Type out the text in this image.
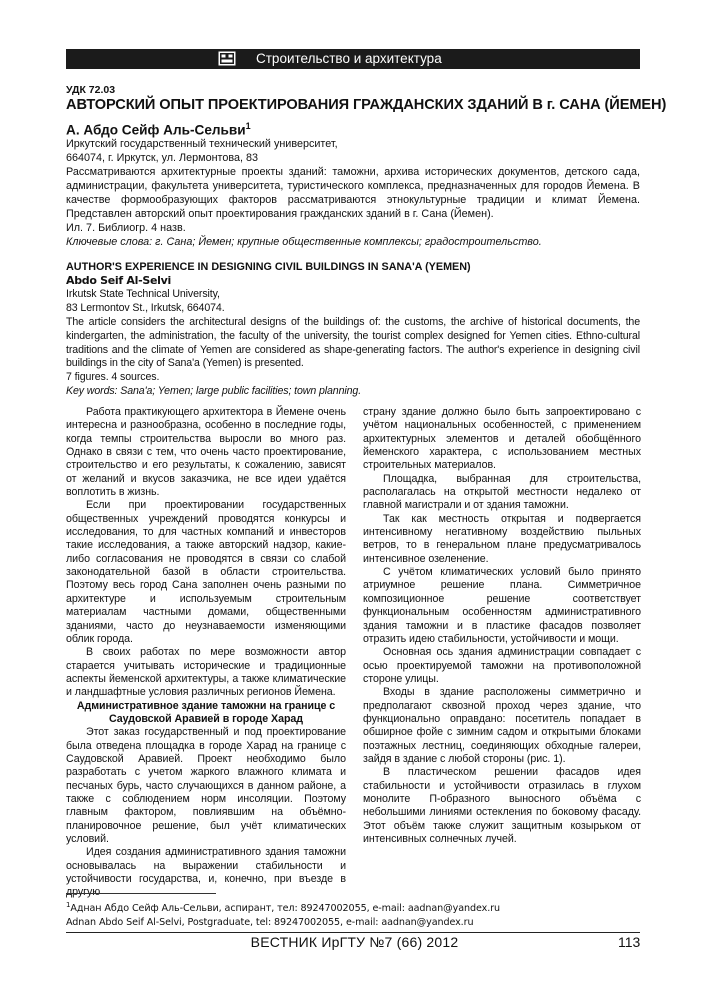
Строительство и архитектура
УДК 72.03
АВТОРСКИЙ ОПЫТ ПРОЕКТИРОВАНИЯ ГРАЖДАНСКИХ ЗДАНИЙ В г. САНА (ЙЕМЕН)
А. Абдо Сейф Аль-Сельви$^1$
Иркутский государственный технический университет,
664074, г. Иркутск, ул. Лермонтова, 83
Рассматриваются архитектурные проекты зданий: таможни, архива исторических документов, детского сада, администрации, факультета университета, туристического комплекса, предназначенных для городов Йемена. В качестве формообразующих факторов рассматриваются этнокультурные традиции и климат Йемена. Представлен авторский опыт проектирования гражданских зданий в г. Сана (Йемен).
Ил. 7. Библиогр. 4 назв.
Ключевые слова: г. Сана; Йемен; крупные общественные комплексы; градостроительство.
AUTHOR'S EXPERIENCE IN DESIGNING CIVIL BUILDINGS IN SANA'A (YEMEN)
Abdo Seif Al-Selvi
Irkutsk State Technical University,
83 Lermontov St., Irkutsk, 664074.
The article considers the architectural designs of the buildings of: the customs, the archive of historical documents, the kindergarten, the administration, the faculty of the university, the tourist complex designed for Yemen cities. Ethno-cultural traditions and the climate of Yemen are considered as shape-generating factors. The author's experience in designing civil buildings in the city of Sana'a (Yemen) is presented.
7 figures. 4 sources.
Key words: Sana'a; Yemen; large public facilities; town planning.

Работа практикующего архитектора в Йемене очень интересна и разнообразна, особенно в последние годы, когда темпы строительства выросли во много раз. Однако в связи с тем, что очень часто проектирование, строительство и его результаты, к сожалению, зависят от желаний и вкусов заказчика, не все идеи удаётся воплотить в жизнь.

Если при проектировании государственных общественных учреждений проводятся конкурсы и исследования, то для частных компаний и инвесторов такие исследования, а также авторский надзор, какие-либо согласования не проводятся в связи со слабой законодательной базой в области строительства. Поэтому весь город Сана заполнен очень разными по архитектуре и используемым строительным материалам частными домами, общественными зданиями, часто до неузнаваемости изменяющими облик города.

В своих работах по мере возможности автор старается учитывать исторические и традиционные аспекты йеменской архитектуры, а также климатические и ландшафтные условия различных регионов Йемена.

Административное здание таможни на границе с Саудовской Аравией в городе Харад

Этот заказ государственный и под проектирование была отведена площадка в городе Харад на границе с Саудовской Аравией. Проект необходимо было разработать с учетом жаркого влажного климата и песчаных бурь, часто случающихся в данном районе, а также с соблюдением норм инсоляции. Поэтому главным фактором, повлиявшим на объёмно-планировочное решение, был учёт климатических условий.

Идея создания административного здания таможни основывалась на выражении стабильности и устойчивости государства, и, конечно, при въезде в другую

страну здание должно было быть запроектировано с учётом национальных особенностей, с применением архитектурных элементов и деталей обобщённого йеменского характера, с использованием местных строительных материалов.

Площадка, выбранная для строительства, располагалась на открытой местности недалеко от главной магистрали и от здания таможни.

Так как местность открытая и подвергается интенсивному негативному воздействию пыльных ветров, то в генеральном плане предусматривалось интенсивное озеленение.

С учётом климатических условий было принято атриумное решение плана. Симметричное композиционное решение соответствует функциональным особенностям административного здания таможни и в пластике фасадов позволяет отразить идею стабильности, устойчивости и мощи.

Основная ось здания администрации совпадает с осью проектируемой таможни на противоположной стороне улицы.

Входы в здание расположены симметрично и предполагают сквозной проход через здание, что функционально оправдано: посетитель попадает в обширное фойе с зимним садом и открытыми блоками поэтажных лестниц, соединяющих обходные галереи, зайдя в здание с любой стороны (рис. 1).

В пластическом решении фасадов идея стабильности и устойчивости отразилась в глухом монолите П-образного выносного объёма с небольшими линиями остекления по боковому фасаду. Этот объём также служит защитным козырьком от интенсивных солнечных лучей.

$^1$Аднан Абдо Сейф Аль-Сельви, аспирант, тел: 89247002055, e-mail: aadnan@yandex.ru
Adnan Abdo Seif Al-Selvi, Postgraduate, tel: 89247002055, e-mail: aadnan@yandex.ru
ВЕСТНИК ИрГТУ №7 (66) 2012	113
